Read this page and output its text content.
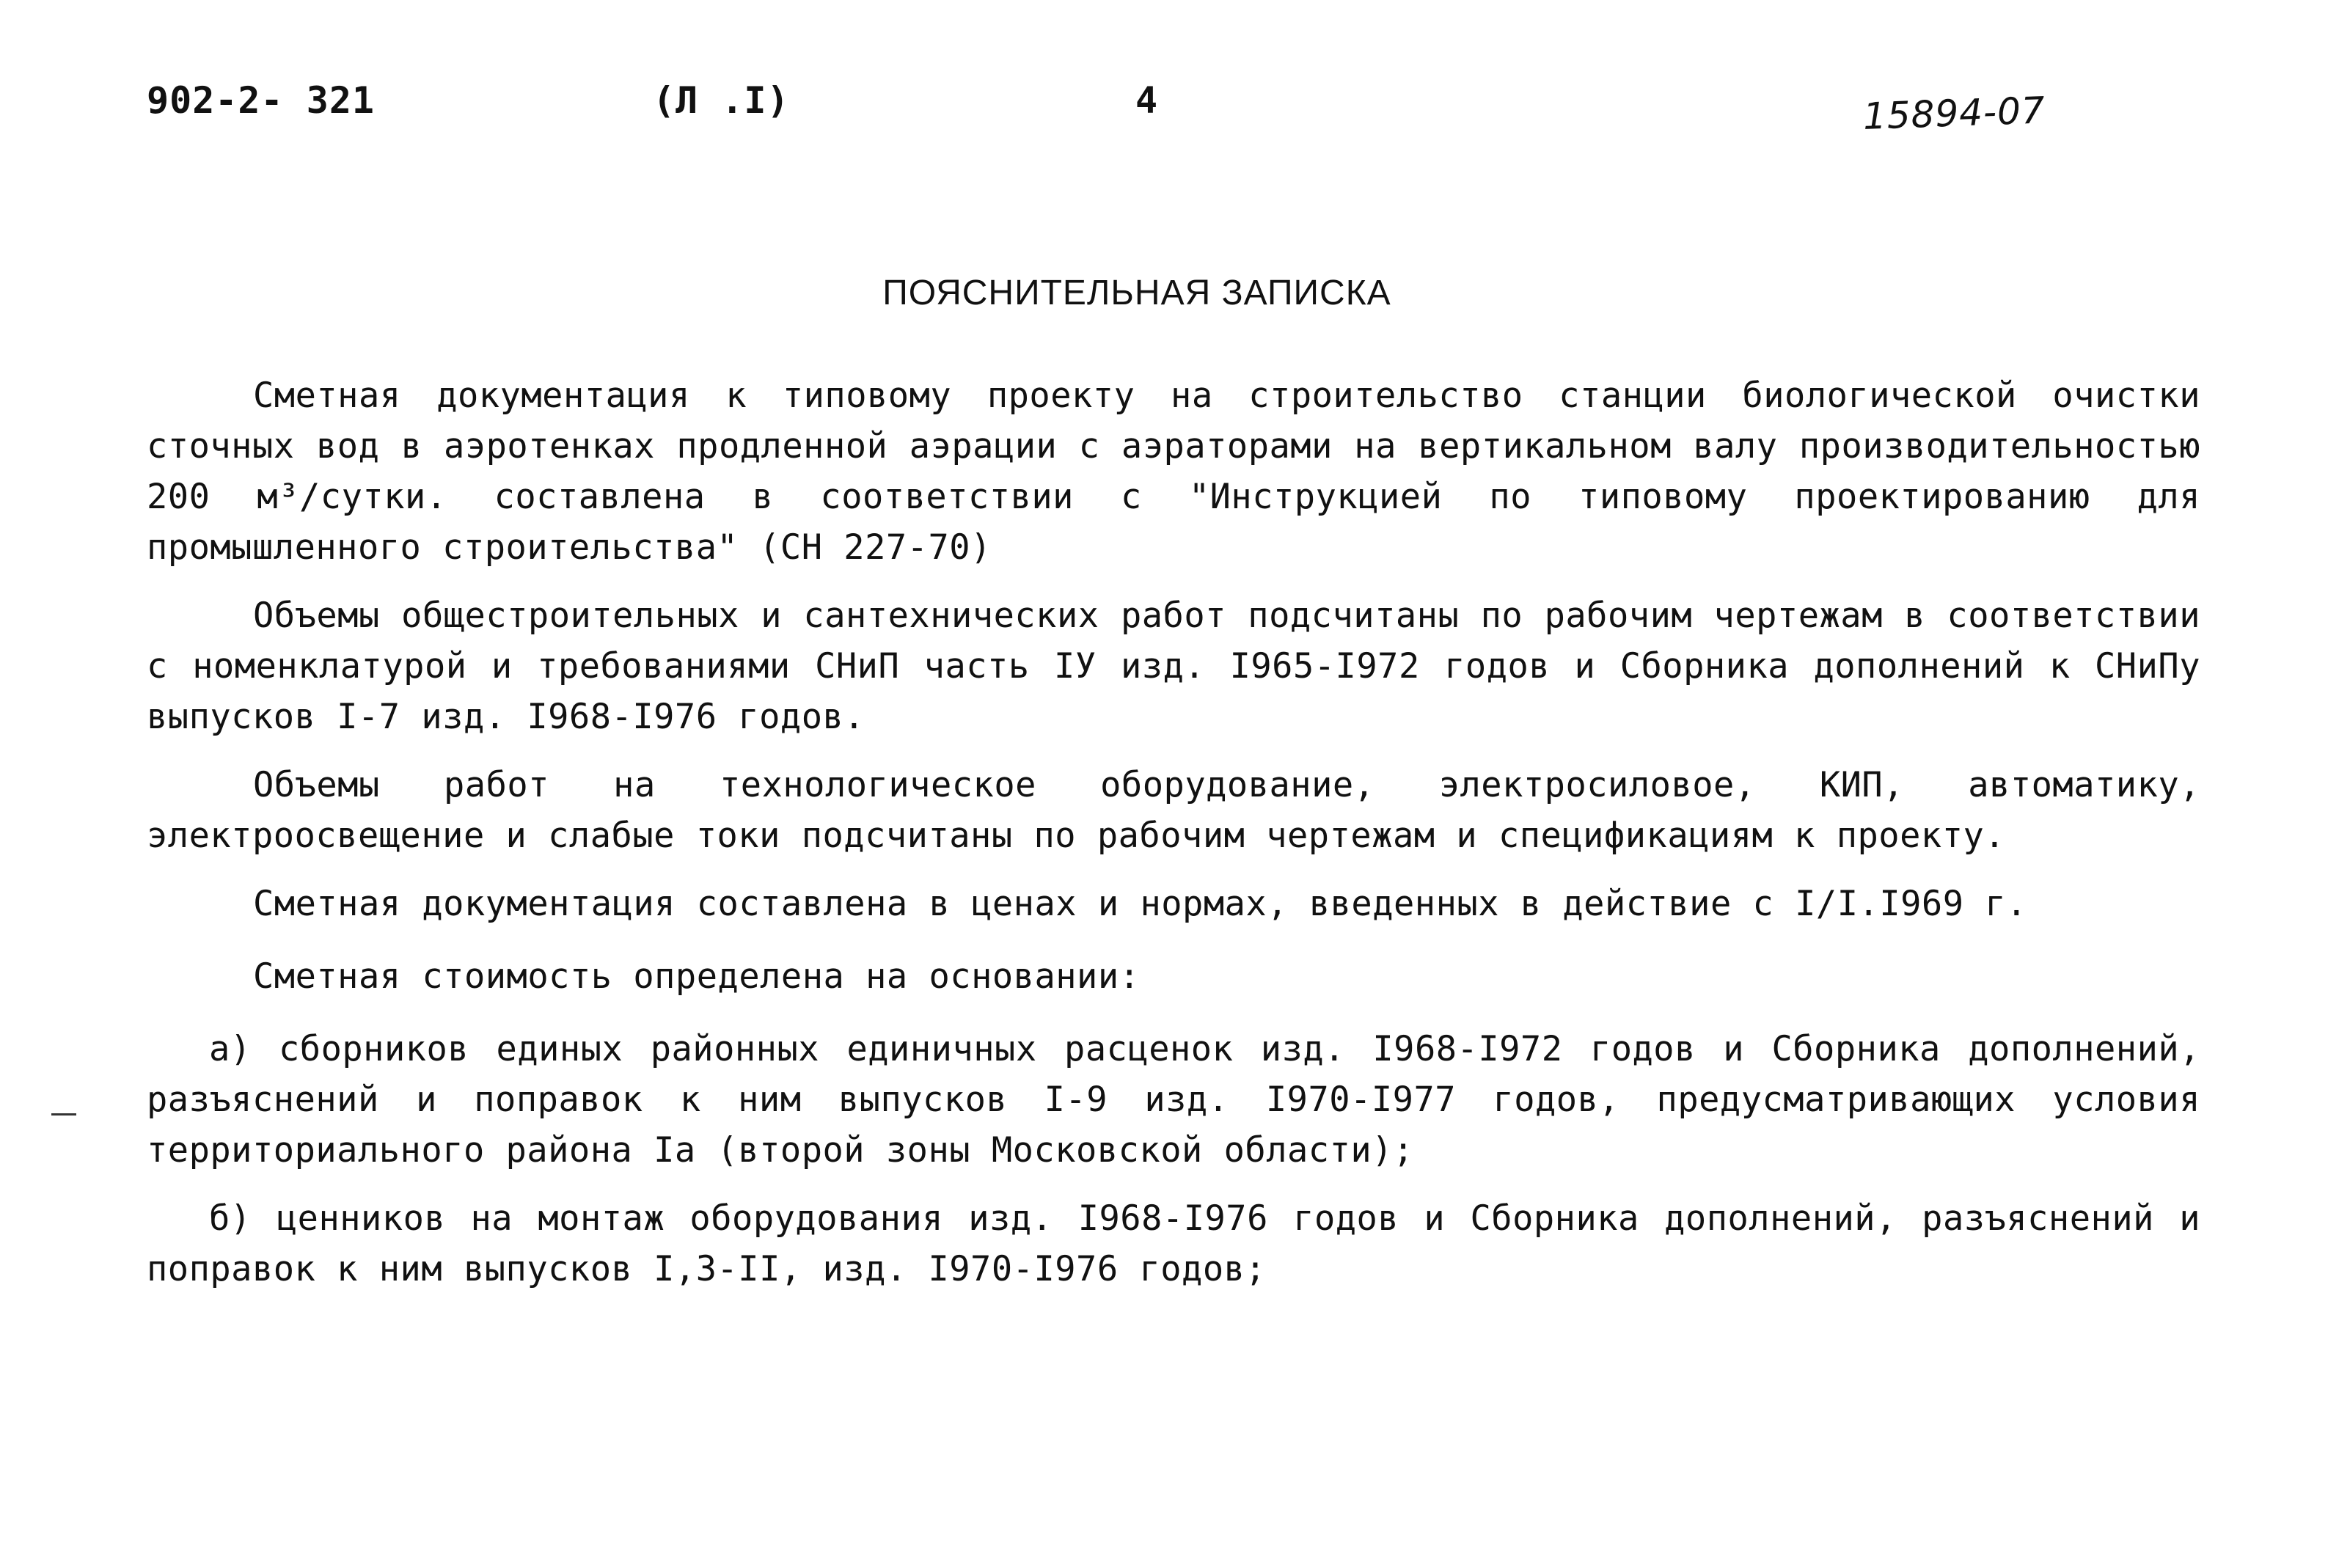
902-2- 321	(Л .I)	4	15894-07
ПОЯСНИТЕЛЬНАЯ ЗАПИСКА

Сметная документация к типовому проекту на строительство станции биологической очистки сточных вод в аэротенках продленной аэрации с аэраторами на вертикальном валу производительностью 200 м³/сутки. составлена в соответствии с "Инструкцией по типовому проектированию для промышленного строительства" (СН 227-70)

Объемы общестроительных и сантехнических работ подсчитаны по рабочим чертежам в соответствии с номенклатурой и требованиями СНиП часть IУ изд. I965-I972 годов и Сборника дополнений к СНиПу выпусков I-7 изд. I968-I976 годов.

Объемы работ на технологическое оборудование, электросиловое, КИП, автоматику, электроосвещение и слабые токи подсчитаны по рабочим чертежам и спецификациям к проекту.

Сметная документация составлена в ценах и нормах, введенных в действие с I/I.I969 г.

Сметная стоимость определена на основании:

а) сборников единых районных единичных расценок изд. I968-I972 годов и Сборника дополнений, разъяснений и поправок к ним выпусков I-9 изд. I970-I977 годов, предусматривающих условия территориального района Iа (второй зоны Московской области);

б) ценников на монтаж оборудования изд. I968-I976 годов и Сборника дополнений, разъяснений и поправок к ним выпусков I,3-II, изд. I970-I976 годов;
